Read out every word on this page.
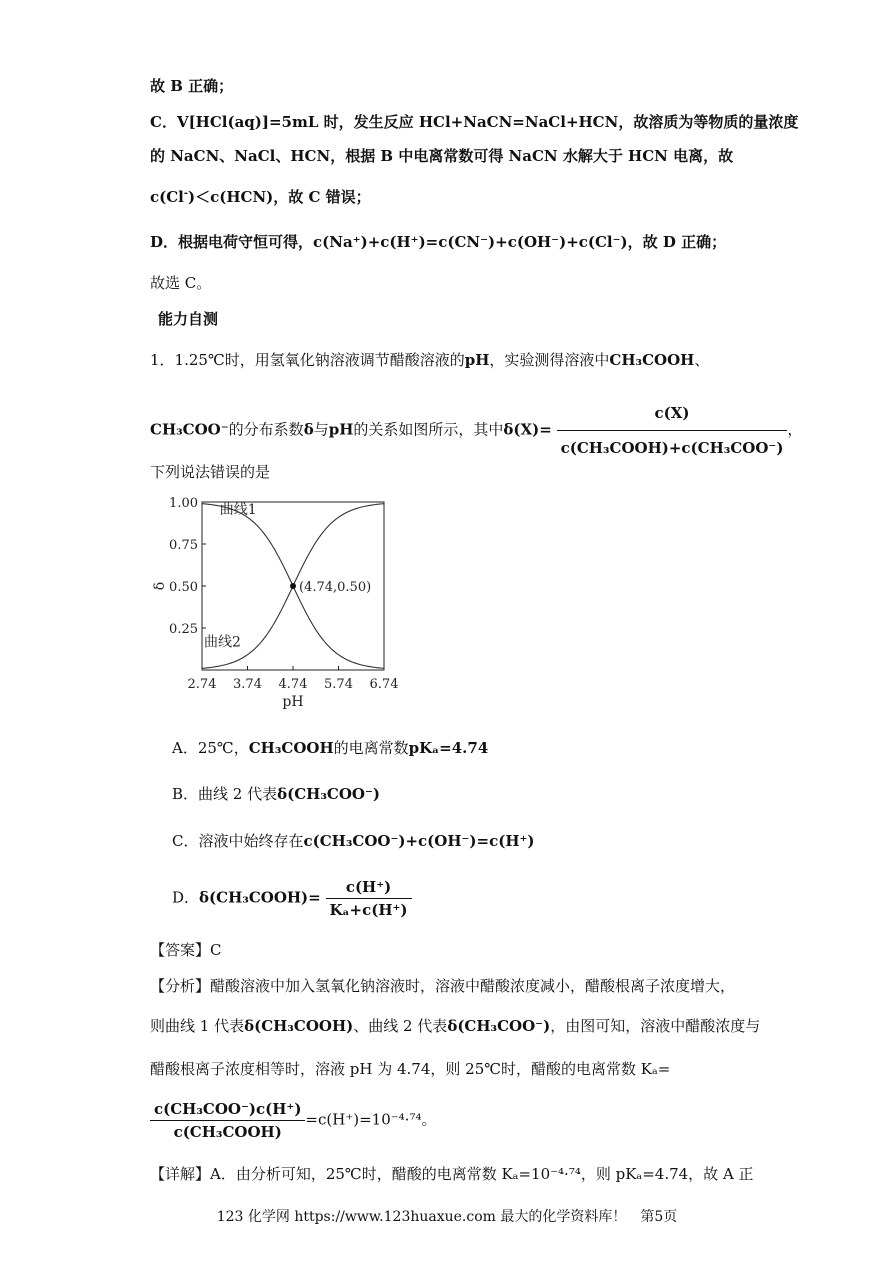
故 B 正确；
C．V[HCl(aq)]=5mL 时，发生反应 HCl+NaCN=NaCl+HCN，故溶质为等物质的量浓度
的 NaCN、NaCl、HCN，根据 B 中电离常数可得 NaCN 水解大于 HCN 电离，故
c(Cl-)＜c(HCN)，故 C 错误；
D．根据电荷守恒可得，c(Na⁺)+c(H⁺)=c(CN⁻)+c(OH⁻)+c(Cl⁻)，故 D 正确；
故选 C。
能力自测
1．1.25℃时，用氢氧化钠溶液调节醋酸溶液的pH，实验测得溶液中CH₃COOH、
CH₃COO⁻的分布系数δ与pH的关系如图所示，其中$\delta(X)= \frac{c(X)}{\text{c(CH₃COOH)+c(CH₃COO⁻)}}$ ，
下列说法错误的是
2.74 3.74 4.74 5.74 6.74
0.25
0.50
0.75
1.00
pH
δ
曲线1
曲线2
(4.74,0.50)
A．25℃，CH₃COOH的电离常数pKₐ=4.74
B．曲线 2 代表δ(CH₃COO⁻)
C．溶液中始终存在c(CH₃COO⁻)+c(OH⁻)=c(H⁺)
D．δ(CH₃COOH)= $\frac{c(H^+)}{\text{Kₐ+c(H⁺)}}$
【答案】C
【分析】醋酸溶液中加入氢氧化钠溶液时，溶液中醋酸浓度减小，醋酸根离子浓度增大，
则曲线 1 代表δ(CH₃COOH)、曲线 2 代表δ(CH₃COO⁻)，由图可知，溶液中醋酸浓度与
醋酸根离子浓度相等时，溶液 pH 为 4.74，则 25℃时，醋酸的电离常数 Kₐ=
$\frac{\text{c(CH₃COO⁻)c(H⁺)}}{\text{c(CH₃COOH)}} =c(H^+)=10^{-4}\cdot^{74}$。
【详解】A．由分析可知，25℃时，醋酸的电离常数 Kₐ=10⁻⁴·⁷⁴，则 pKₐ=4.74，故 A 正
123 化学网 https://www.123huaxue.com 最大的化学资料库！　第5页
